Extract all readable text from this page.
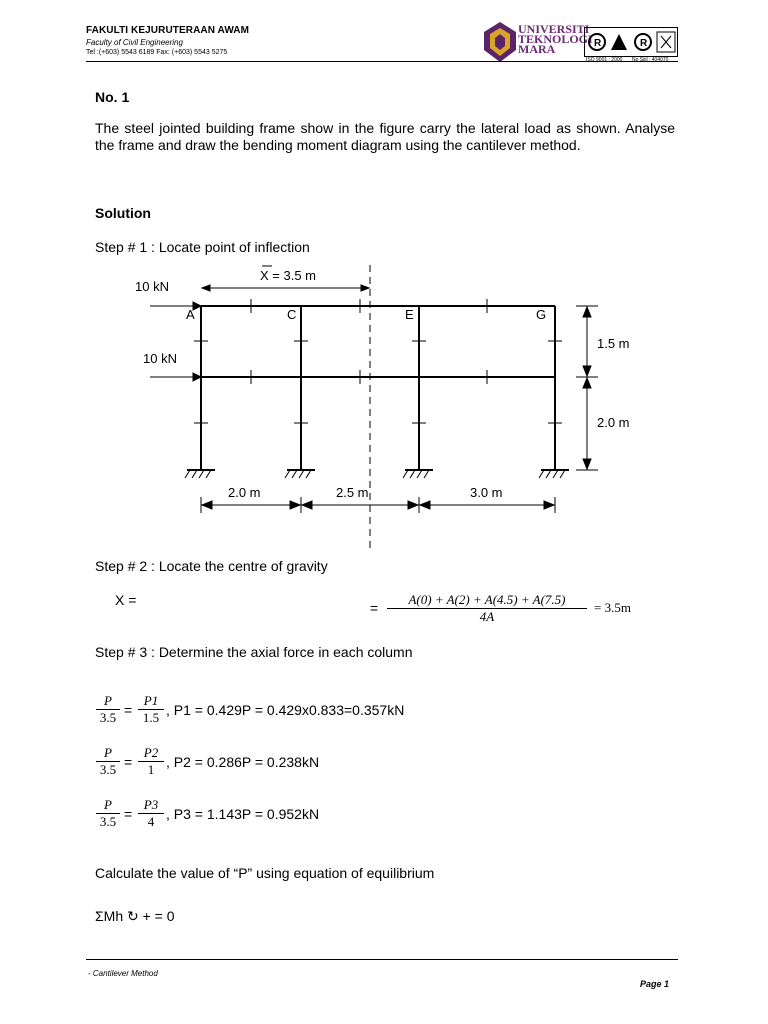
FAKULTI KEJURUTERAAN AWAM
Faculty of Civil Engineering
Tel :(+603) 5543 6189 Fax: (+603) 5543 5275
UNIVERSITI
TEKNOLOGI
MARA	R	R
ISO 9001 : 2000 No Sijil : 404070
No. 1
The steel jointed building frame show in the figure carry the lateral load as shown. Analyse the frame and draw the bending moment diagram using the cantilever method.
Solution
Step # 1 : Locate point of inflection
X = 3.5 m
10 kN
10 kN
A	C	E	G
1.5 m
2.0 m
2.0 m	2.5 m	3.0 m
Step # 2 : Locate the centre of gravity
X =	= $\frac{A(0) + A(2) + A(4.5) + A(7.5)}{4A} = 3.5m$
Step # 3 : Determine the axial force in each column
$\frac{P}{3.5} = \frac{P1}{1.5}$ , P1 = 0.429P = 0.429x0.833=0.357kN
$\frac{P}{3.5} = \frac{P2}{1}$ , P2 = 0.286P = 0.238kN
$\frac{P}{3.5} = \frac{P3}{4}$ , P3 = 1.143P = 0.952kN
Calculate the value of “P” using equation of equilibrium
ΣMh ↻ + = 0
- Cantilever Method
Page 1
